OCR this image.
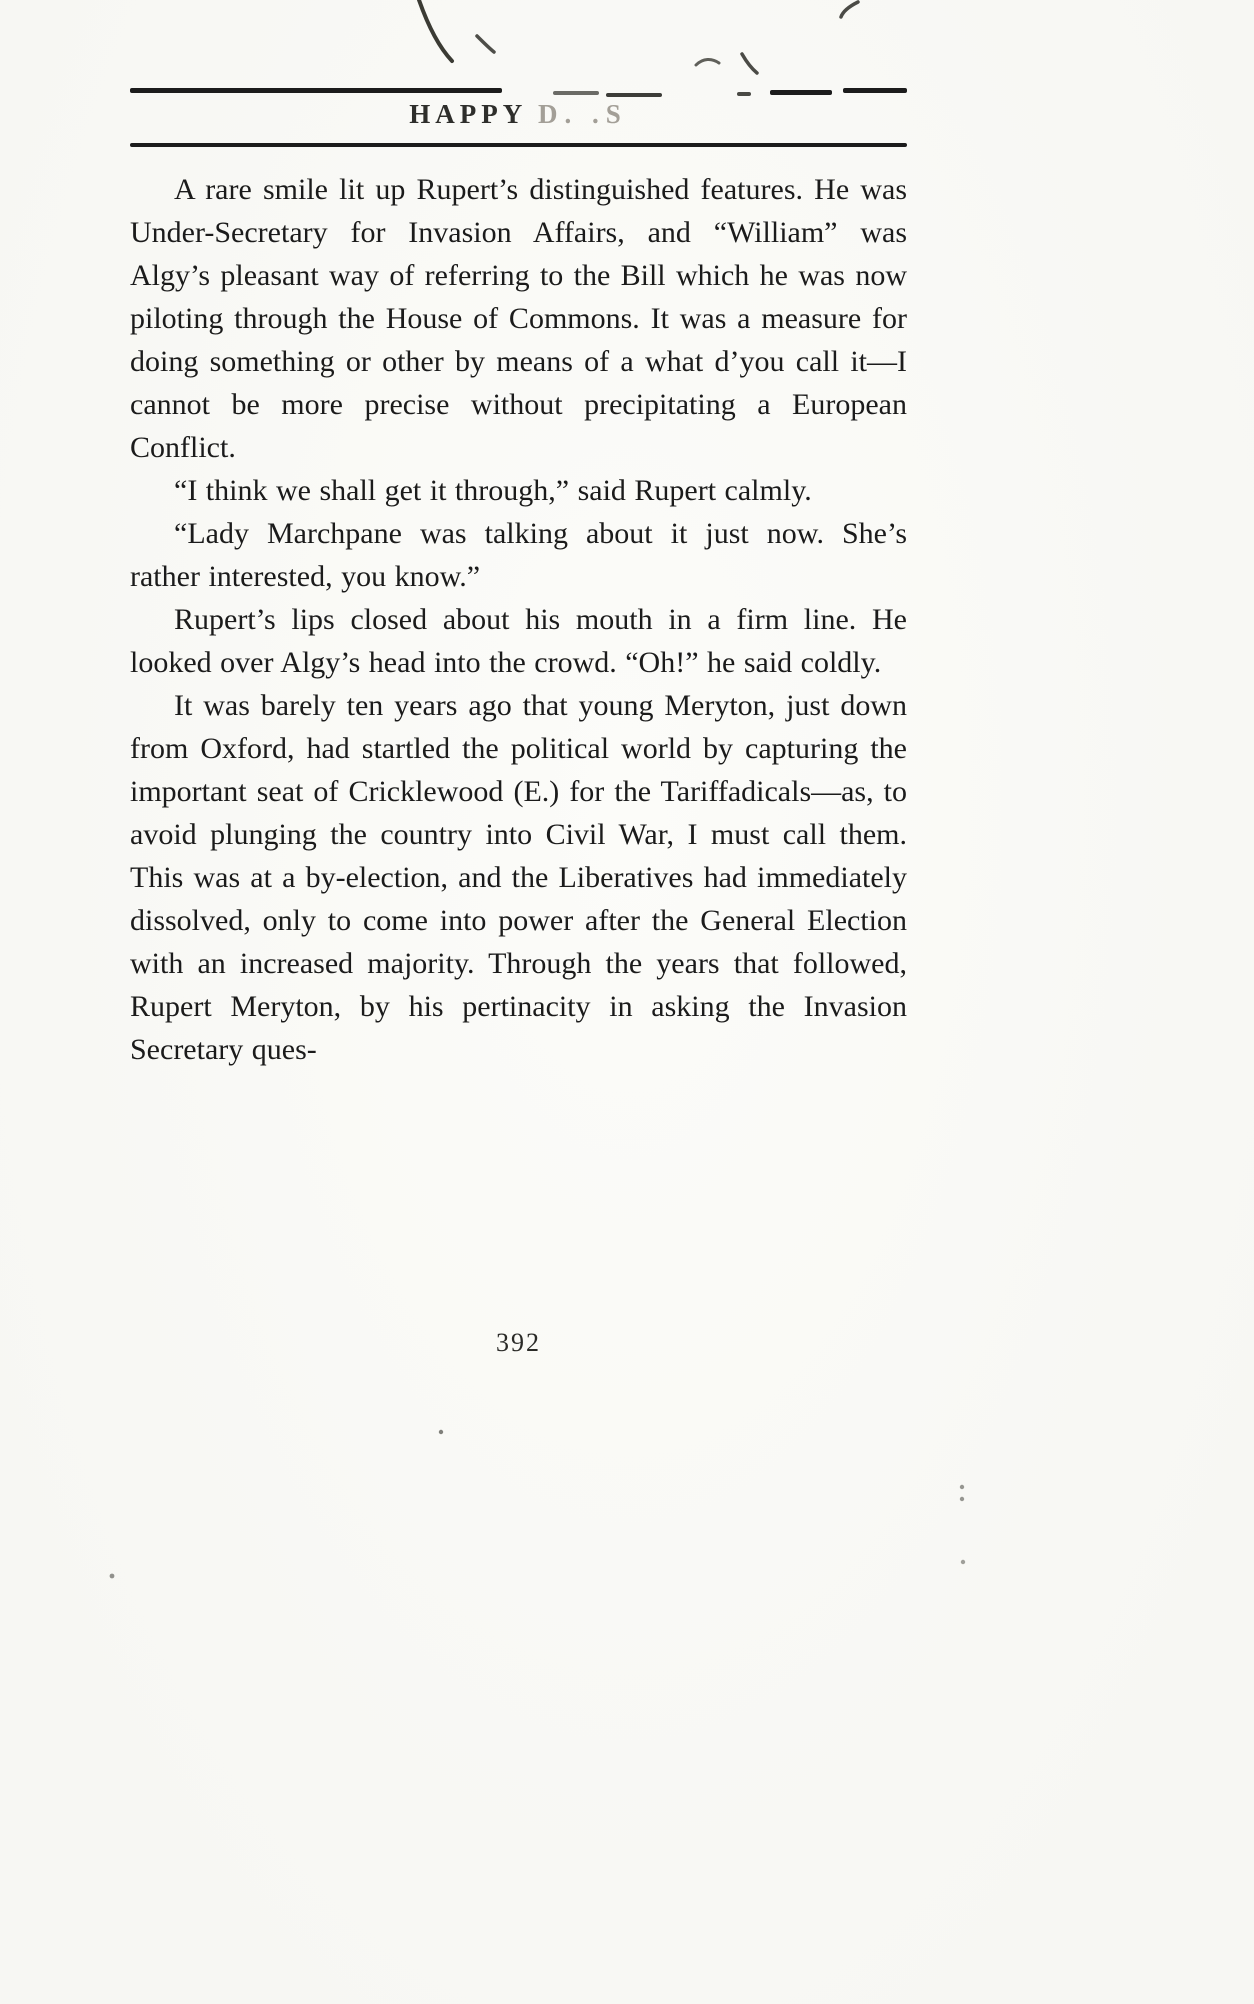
HAPPY D. .S

A rare smile lit up Rupert’s distinguished features. He was Under-Secretary for Invasion Affairs, and “William” was Algy’s pleasant way of referring to the Bill which he was now piloting through the House of Commons. It was a measure for doing something or other by means of a what d’you call it—I cannot be more precise without precipitating a European Conflict.

“I think we shall get it through,” said Rupert calmly.

“Lady Marchpane was talking about it just now. She’s rather interested, you know.”

Rupert’s lips closed about his mouth in a firm line. He looked over Algy’s head into the crowd. “Oh!” he said coldly.

It was barely ten years ago that young Meryton, just down from Oxford, had startled the political world by capturing the important seat of Cricklewood (E.) for the Tariffadicals—as, to avoid plunging the country into Civil War, I must call them. This was at a by-election, and the Liberatives had immediately dissolved, only to come into power after the General Election with an increased majority. Through the years that followed, Rupert Meryton, by his pertinacity in asking the Invasion Secretary ques-

392
